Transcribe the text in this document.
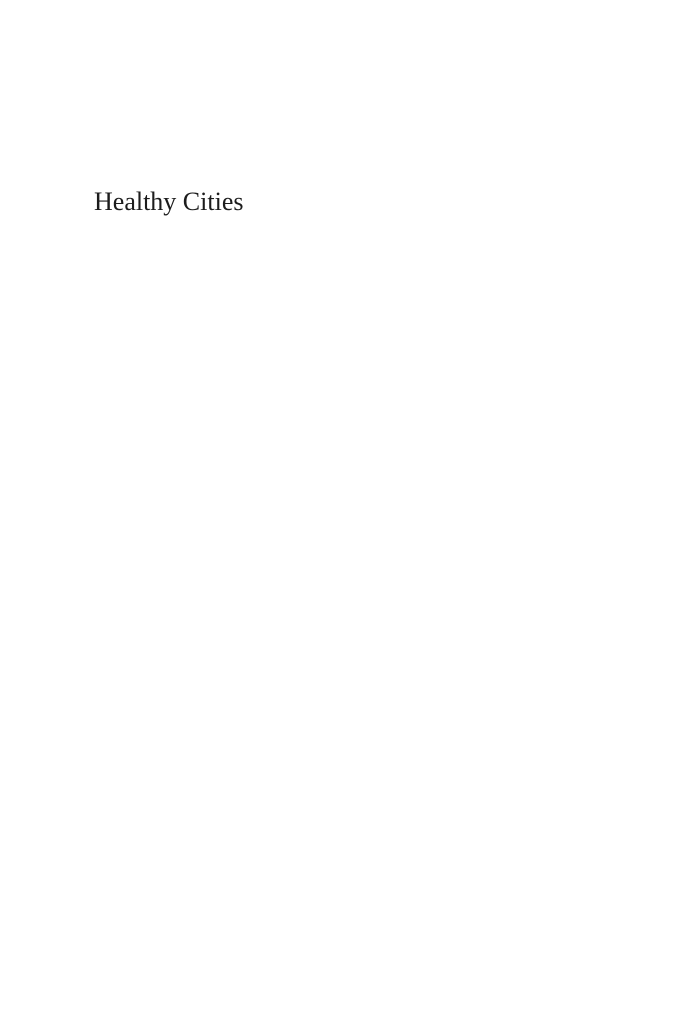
Healthy Cities
